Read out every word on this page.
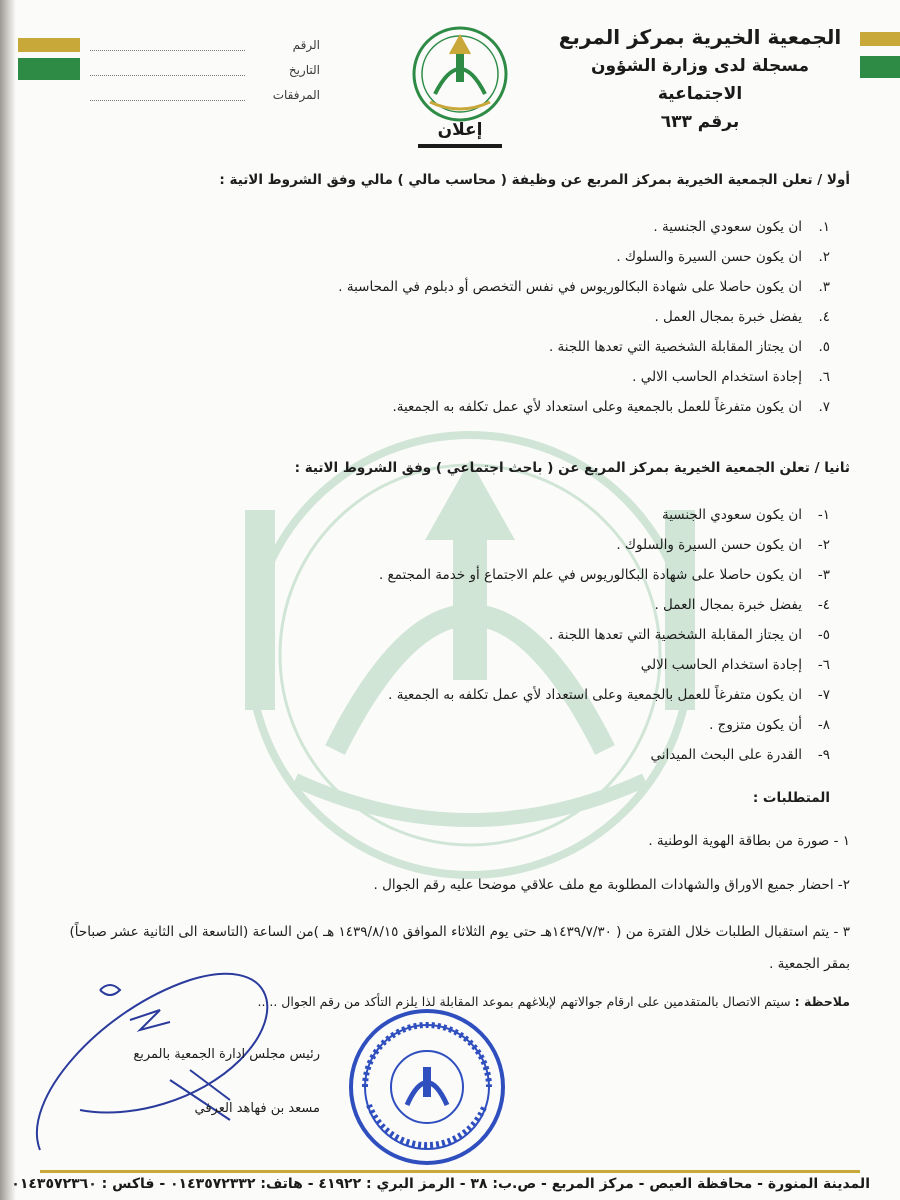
الجمعية الخيرية بمركز المربع
مسجلة لدى وزارة الشؤون الاجتماعية
برقم ٦٣٣
الرقم
التاريخ
المرفقات
إعلان

أولا / تعلن الجمعية الخيرية بمركز المربع عن وظيفة ( محاسب مالي ) مالي وفق الشروط الاتية :

١.
ان يكون سعودي الجنسية .
٢.
ان يكون حسن السيرة والسلوك .
٣.
ان يكون حاصلا على شهادة البكالوريوس في نفس التخصص أو دبلوم في المحاسبة .
٤.
يفضل خبرة بمجال العمل .
٥.
ان يجتاز المقابلة الشخصية التي تعدها اللجنة .
٦.
إجادة استخدام الحاسب الالي .
٧.
ان يكون متفرغاً للعمل بالجمعية وعلى استعداد لأي عمل تكلفه به الجمعية.

ثانيا / تعلن الجمعية الخيرية بمركز المربع عن ( باحث اجتماعي ) وفق الشروط الاتية :

١-
ان يكون سعودي الجنسية
٢-
ان يكون حسن السيرة والسلوك .
٣-
ان يكون حاصلا على شهادة البكالوريوس في علم الاجتماع أو خدمة المجتمع .
٤-
يفضل خبرة بمجال العمل .
٥-
ان يجتاز المقابلة الشخصية التي تعدها اللجنة .
٦-
إجادة استخدام الحاسب الالي
٧-
ان يكون متفرغاً للعمل بالجمعية وعلى استعداد لأي عمل تكلفه به الجمعية .
٨-
أن يكون متزوج .
٩-
القدرة على البحث الميداني
المتطلبات :

١ - صورة من بطاقة الهوية الوطنية .

٢- احضار جميع الاوراق والشهادات المطلوبة مع ملف علاقي موضحا عليه رقم الجوال .

٣ - يتم استقبال الطلبات خلال الفترة من ( ١٤٣٩/٧/٣٠هـ حتى يوم الثلاثاء الموافق ١٤٣٩/٨/١٥ هـ )من الساعة (التاسعة الى الثانية عشر صباحاً) بمقر الجمعية .

ملاحظة : سيتم الاتصال بالمتقدمين على ارقام جوالاتهم لإبلاغهم بموعد المقابلة لذا يلزم التأكد من رقم الجوال .....
رئيس مجلس ادارة الجمعية بالمربع
مسعد بن فهاهد العرفي
المدينة المنورة - محافظة العيص - مركز المربع - ص.ب: ٣٨ - الرمز البري : ٤١٩٢٢ - هاتف: ٠١٤٣٥٧٢٣٣٢ - فاكس : ٠١٤٣٥٧٢٣٦٠
